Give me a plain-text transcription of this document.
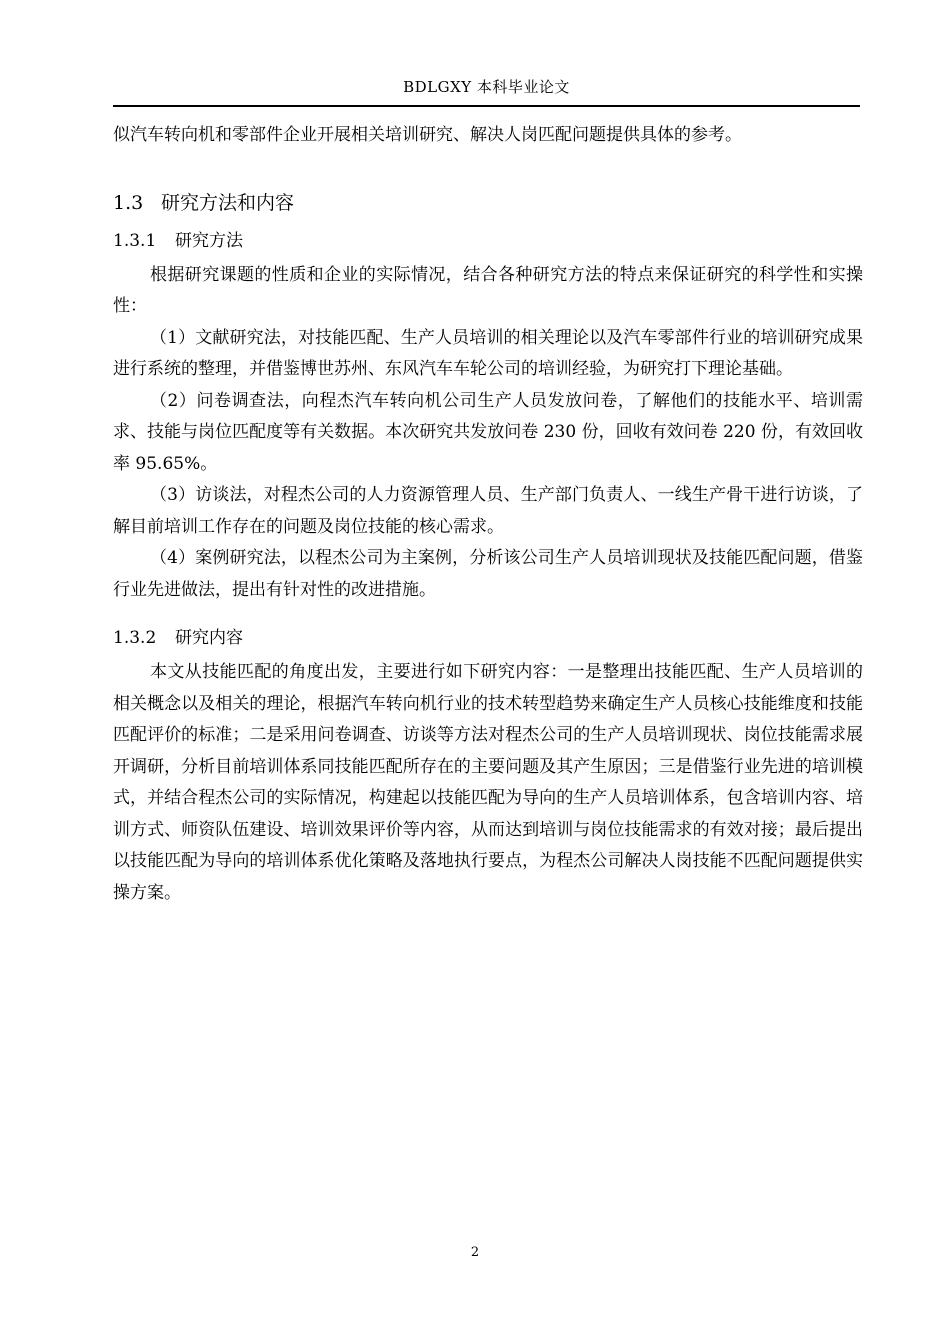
BDLGXY 本科毕业论文

似汽车转向机和零部件企业开展相关培训研究、解决人岗匹配问题提供具体的参考。

1.3 研究方法和内容
1.3.1 研究方法

根据研究课题的性质和企业的实际情况，结合各种研究方法的特点来保证研究的科学性和实操性：

（1）文献研究法，对技能匹配、生产人员培训的相关理论以及汽车零部件行业的培训研究成果进行系统的整理，并借鉴博世苏州、东风汽车车轮公司的培训经验，为研究打下理论基础。

（2）问卷调查法，向程杰汽车转向机公司生产人员发放问卷，了解他们的技能水平、培训需求、技能与岗位匹配度等有关数据。本次研究共发放问卷 230 份，回收有效问卷 220 份，有效回收率 95.65%。

（3）访谈法，对程杰公司的人力资源管理人员、生产部门负责人、一线生产骨干进行访谈，了解目前培训工作存在的问题及岗位技能的核心需求。

（4）案例研究法，以程杰公司为主案例，分析该公司生产人员培训现状及技能匹配问题，借鉴行业先进做法，提出有针对性的改进措施。

1.3.2 研究内容

本文从技能匹配的角度出发，主要进行如下研究内容：一是整理出技能匹配、生产人员培训的相关概念以及相关的理论，根据汽车转向机行业的技术转型趋势来确定生产人员核心技能维度和技能匹配评价的标准；二是采用问卷调查、访谈等方法对程杰公司的生产人员培训现状、岗位技能需求展开调研，分析目前培训体系同技能匹配所存在的主要问题及其产生原因；三是借鉴行业先进的培训模式，并结合程杰公司的实际情况，构建起以技能匹配为导向的生产人员培训体系，包含培训内容、培训方式、师资队伍建设、培训效果评价等内容，从而达到培训与岗位技能需求的有效对接；最后提出以技能匹配为导向的培训体系优化策略及落地执行要点，为程杰公司解决人岗技能不匹配问题提供实操方案。

2
